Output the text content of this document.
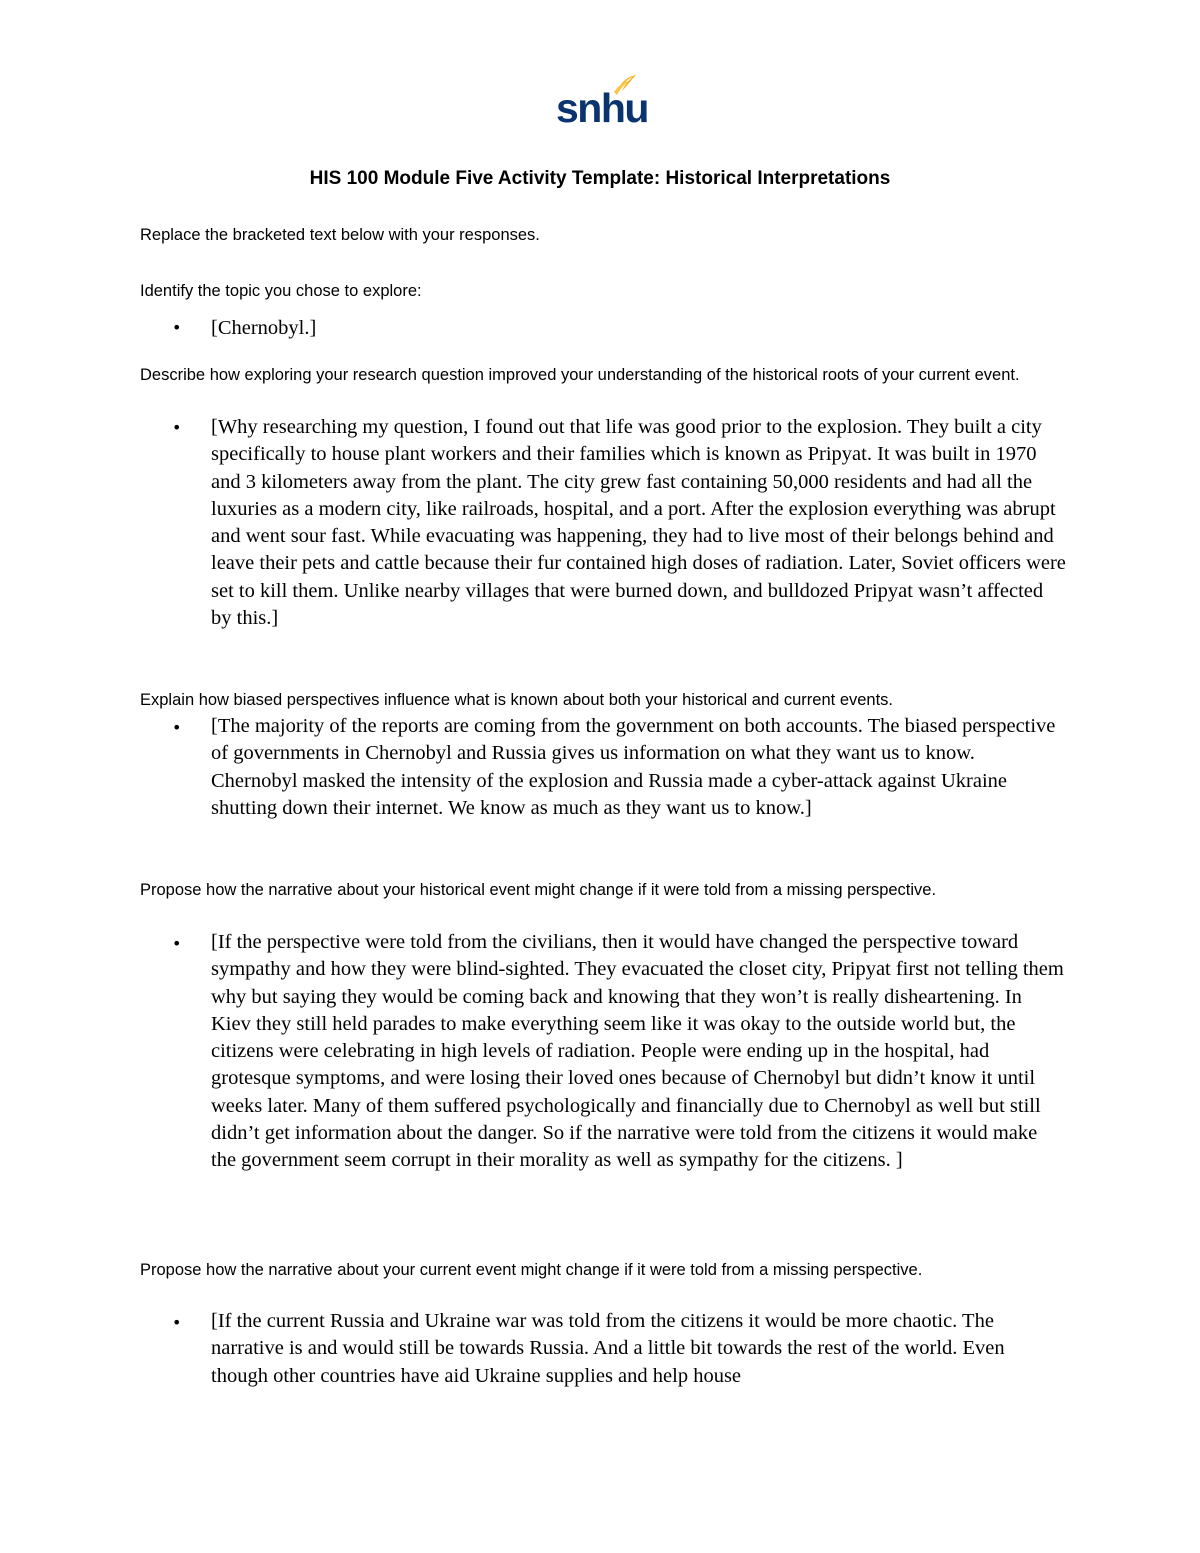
snhu
HIS 100 Module Five Activity Template: Historical Interpretations
Replace the bracketed text below with your responses.
Identify the topic you chose to explore:
• [Chernobyl.]
Describe how exploring your research question improved your understanding of the historical roots of your current event.
• [Why researching my question, I found out that life was good prior to the explosion. They built a city specifically to house plant workers and their families which is known as Pripyat. It was built in 1970 and 3 kilometers away from the plant. The city grew fast containing 50,000 residents and had all the luxuries as a modern city, like railroads, hospital, and a port. After the explosion everything was abrupt and went sour fast. While evacuating was happening, they had to live most of their belongs behind and leave their pets and cattle because their fur contained high doses of radiation. Later, Soviet officers were set to kill them. Unlike nearby villages that were burned down, and bulldozed Pripyat wasn’t affected by this.]
Explain how biased perspectives influence what is known about both your historical and current events.
• [The majority of the reports are coming from the government on both accounts. The biased perspective of governments in Chernobyl and Russia gives us information on what they want us to know. Chernobyl masked the intensity of the explosion and Russia made a cyber-attack against Ukraine shutting down their internet. We know as much as they want us to know.]
Propose how the narrative about your historical event might change if it were told from a missing perspective.
• [If the perspective were told from the civilians, then it would have changed the perspective toward sympathy and how they were blind-sighted. They evacuated the closet city, Pripyat first not telling them why but saying they would be coming back and knowing that they won’t is really disheartening. In Kiev they still held parades to make everything seem like it was okay to the outside world but, the citizens were celebrating in high levels of radiation. People were ending up in the hospital, had grotesque symptoms, and were losing their loved ones because of Chernobyl but didn’t know it until weeks later. Many of them suffered psychologically and financially due to Chernobyl as well but still didn’t get information about the danger. So if the narrative were told from the citizens it would make the government seem corrupt in their morality as well as sympathy for the citizens. ]
Propose how the narrative about your current event might change if it were told from a missing perspective.
• [If the current Russia and Ukraine war was told from the citizens it would be more chaotic. The narrative is and would still be towards Russia. And a little bit towards the rest of the world. Even though other countries have aid Ukraine supplies and help house
